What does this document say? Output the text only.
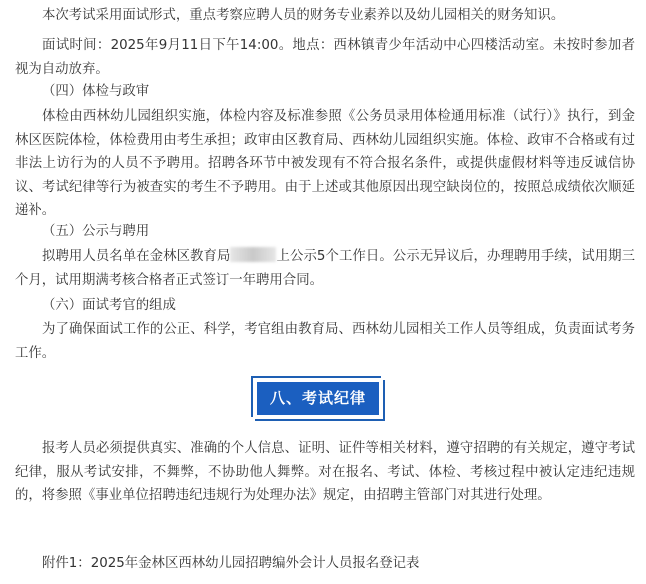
本次考试采用面试形式，重点考察应聘人员的财务专业素养以及幼儿园相关的财务知识。

面试时间：2025年9月11日下午14:00。地点：西林镇青少年活动中心四楼活动室。未按时参加者视为自动放弃。

（四）体检与政审

体检由西林幼儿园组织实施，体检内容及标准参照《公务员录用体检通用标准（试行）》执行，到金林区医院体检，体检费用由考生承担；政审由区教育局、西林幼儿园组织实施。体检、政审不合格或有过非法上访行为的人员不予聘用。招聘各环节中被发现有不符合报名条件，或提供虚假材料等违反诚信协议、考试纪律等行为被查实的考生不予聘用。由于上述或其他原因出现空缺岗位的，按照总成绩依次顺延递补。

（五）公示与聘用

拟聘用人员名单在金林区教育局	上公示5个工作日。公示无异议后，办理聘用手续，试用期三个月，试用期满考核合格者正式签订一年聘用合同。

（六）面试考官的组成

为了确保面试工作的公正、科学，考官组由教育局、西林幼儿园相关工作人员等组成，负责面试考务工作。

八、考试纪律

报考人员必须提供真实、准确的个人信息、证明、证件等相关材料，遵守招聘的有关规定，遵守考试纪律，服从考试安排，不舞弊，不协助他人舞弊。对在报名、考试、体检、考核过程中被认定违纪违规的，将参照《事业单位招聘违纪违规行为处理办法》规定，由招聘主管部门对其进行处理。

附件1：2025年金林区西林幼儿园招聘编外会计人员报名登记表
